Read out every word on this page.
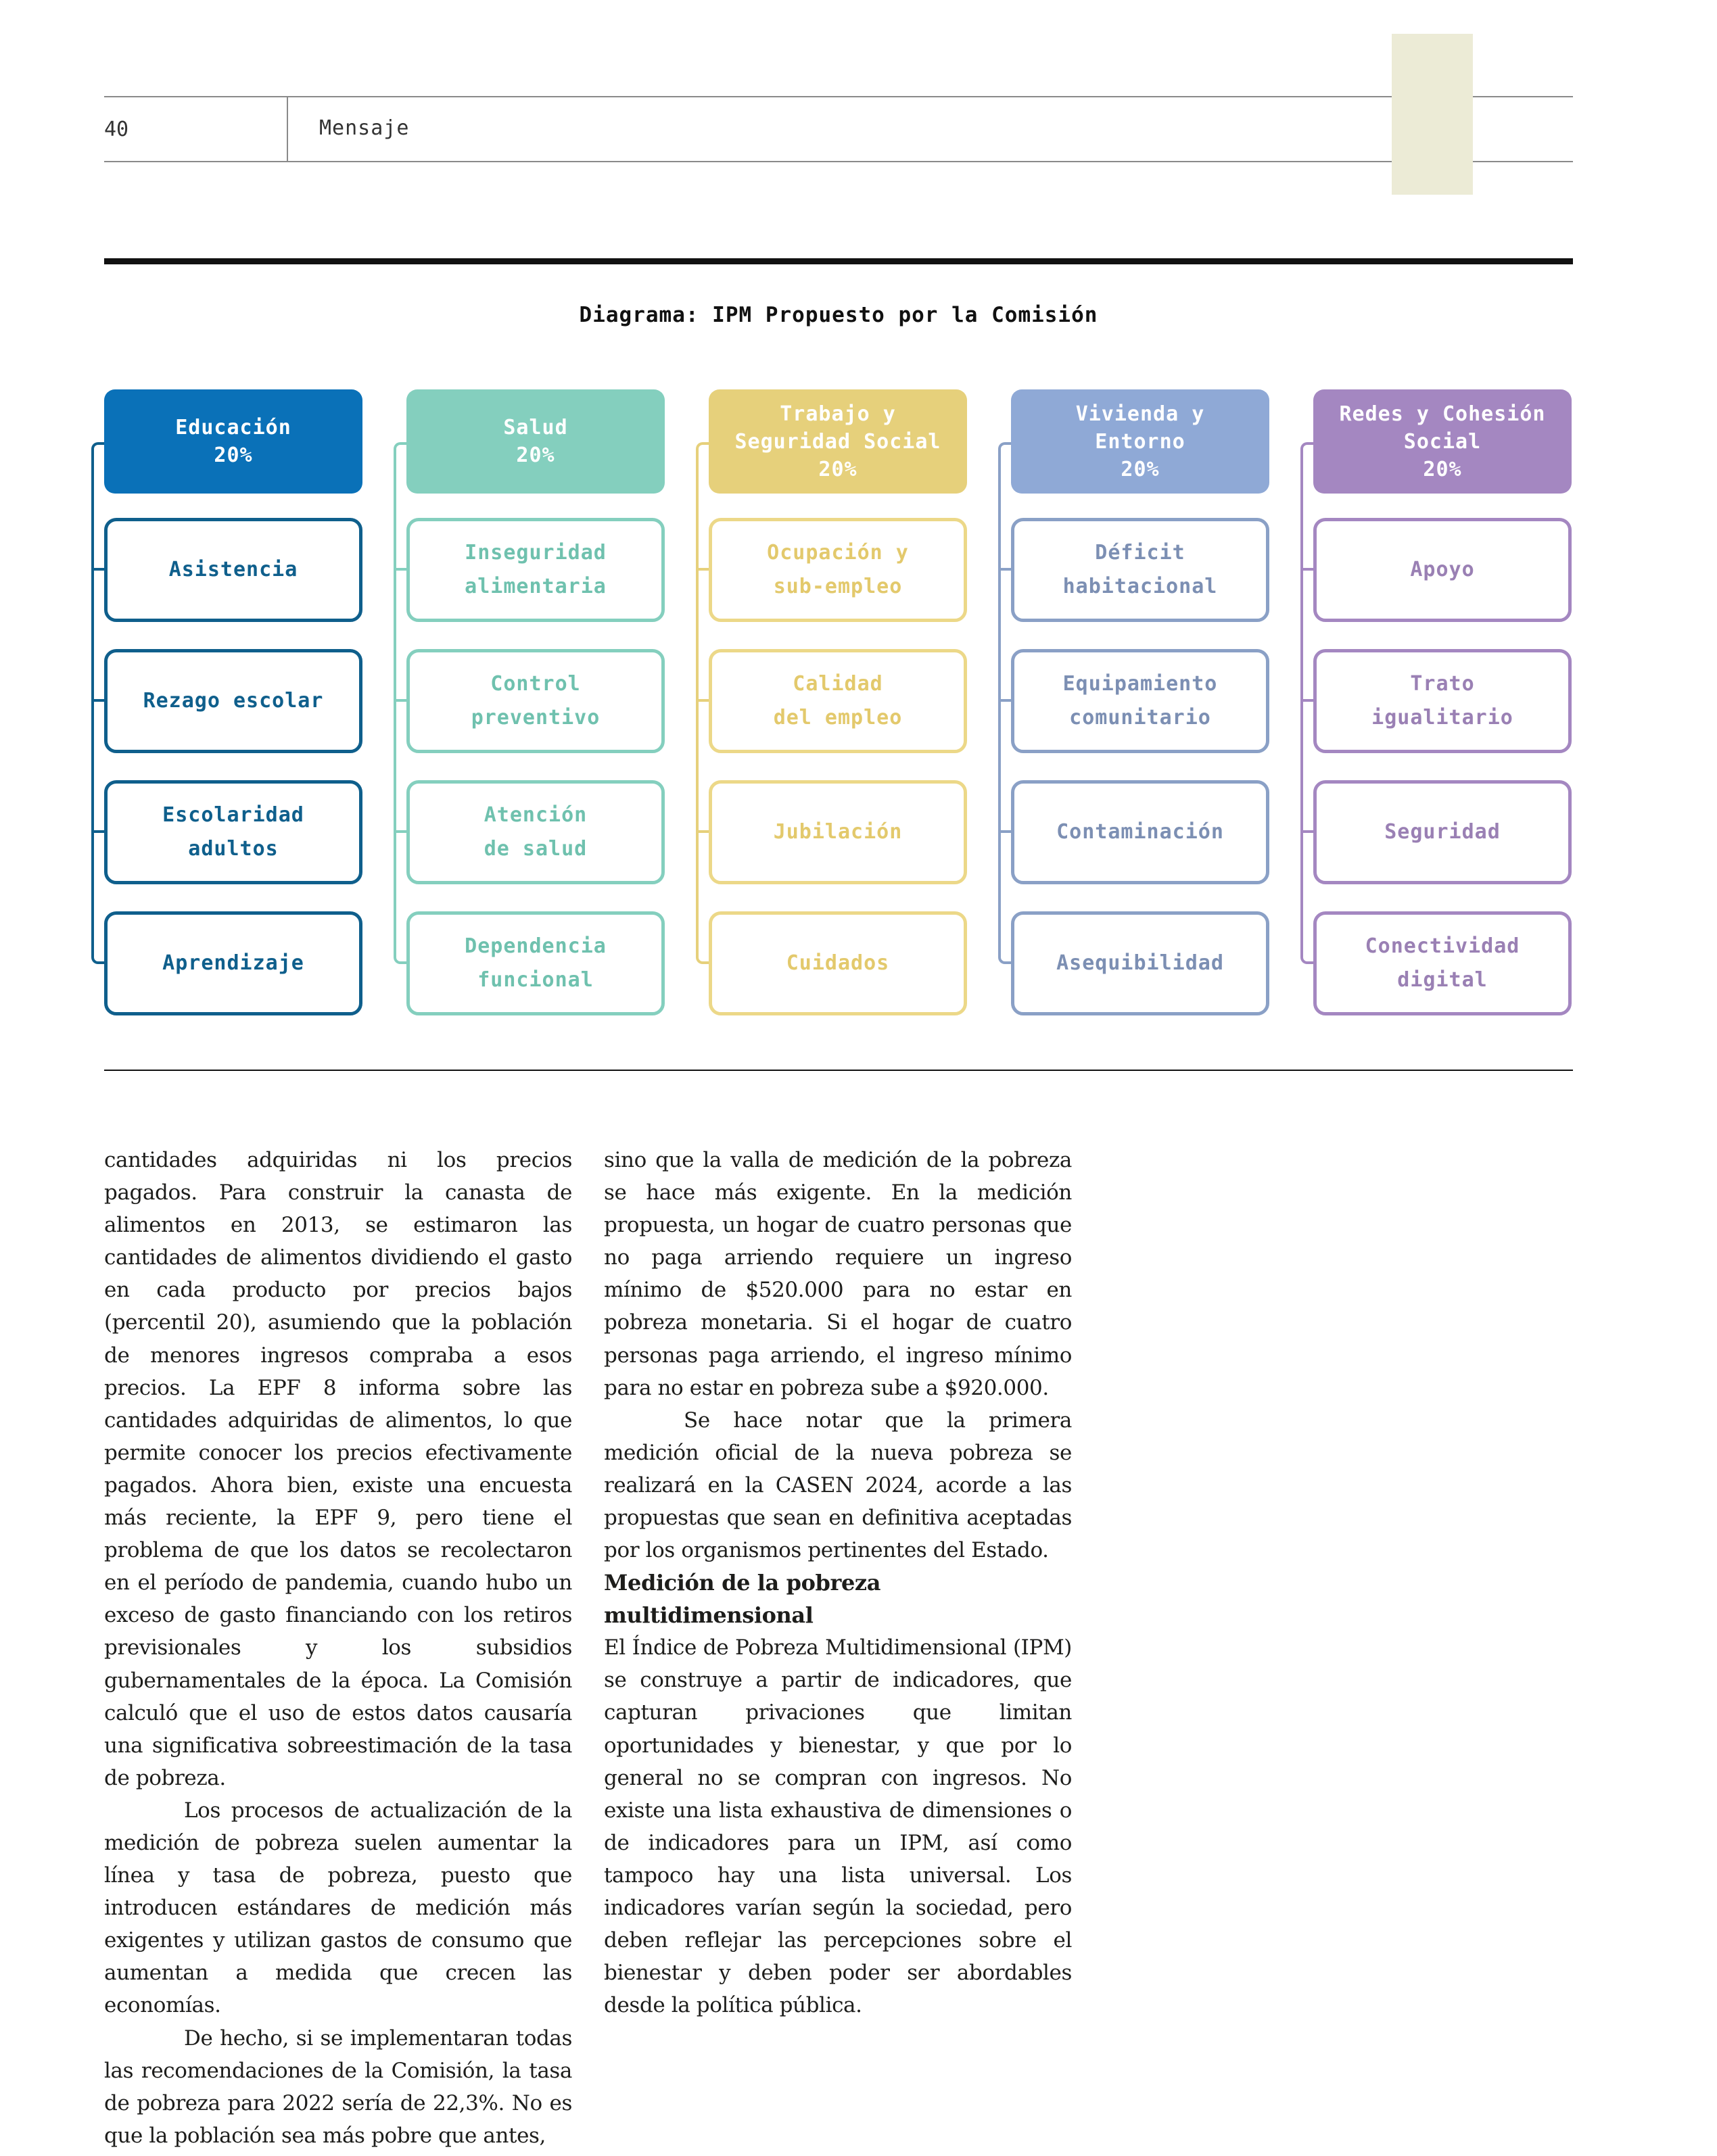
40	Mensaje
Diagrama: IPM Propuesto por la Comisión
Educación
20%
Asistencia
Rezago escolar
Escolaridad
adultos
Aprendizaje
Salud
20%
Inseguridad
alimentaria
Control
preventivo
Atención
de salud
Dependencia
funcional
Trabajo y
Seguridad Social
20%
Ocupación y
sub-empleo
Calidad
del empleo
Jubilación
Cuidados
Vivienda y
Entorno
20%
Déficit
habitacional
Equipamiento
comunitario
Contaminación
Asequibilidad
Redes y Cohesión
Social
20%
Apoyo
Trato
igualitario
Seguridad
Conectividad
digital

cantidades adquiridas ni los precios pagados. Para construir la canasta de alimentos en 2013, se estimaron las cantidades de alimentos dividiendo el gasto en cada producto por precios bajos (percentil 20), asumiendo que la población de menores ingresos compraba a esos precios. La EPF 8 informa sobre las cantidades adquiridas de alimentos, lo que permite conocer los precios efectivamente pagados. Ahora bien, existe una encuesta más reciente, la EPF 9, pero tiene el problema de que los datos se recolectaron en el período de pandemia, cuando hubo un exceso de gasto financiando con los retiros previsionales y los subsidios gubernamentales de la época. La Comisión calculó que el uso de estos datos causaría una significativa sobreestimación de la tasa de pobreza.

Los procesos de actualización de la medición de pobreza suelen aumentar la línea y tasa de pobreza, puesto que introducen estándares de medición más exigentes y utilizan gastos de consumo que aumentan a medida que crecen las economías.

De hecho, si se implementaran todas las recomendaciones de la Comisión, la tasa de pobreza para 2022 sería de 22,3%. No es que la población sea más pobre que antes,

sino que la valla de medición de la pobreza se hace más exigente. En la medición propuesta, un hogar de cuatro personas que no paga arriendo requiere un ingreso mínimo de $520.000 para no estar en pobreza monetaria. Si el hogar de cuatro personas paga arriendo, el ingreso mínimo para no estar en pobreza sube a $920.000.

Se hace notar que la primera medición oficial de la nueva pobreza se realizará en la CASEN 2024, acorde a las propuestas que sean en definitiva aceptadas por los organismos pertinentes del Estado.

Medición de la pobreza multidimensional

El Índice de Pobreza Multidimensional (IPM) se construye a partir de indicadores, que capturan privaciones que limitan oportunidades y bienestar, y que por lo general no se compran con ingresos. No existe una lista exhaustiva de dimensiones o de indicadores para un IPM, así como tampoco hay una lista universal. Los indicadores varían según la sociedad, pero deben reflejar las percepciones sobre el bienestar y deben poder ser abordables desde la política pública.
